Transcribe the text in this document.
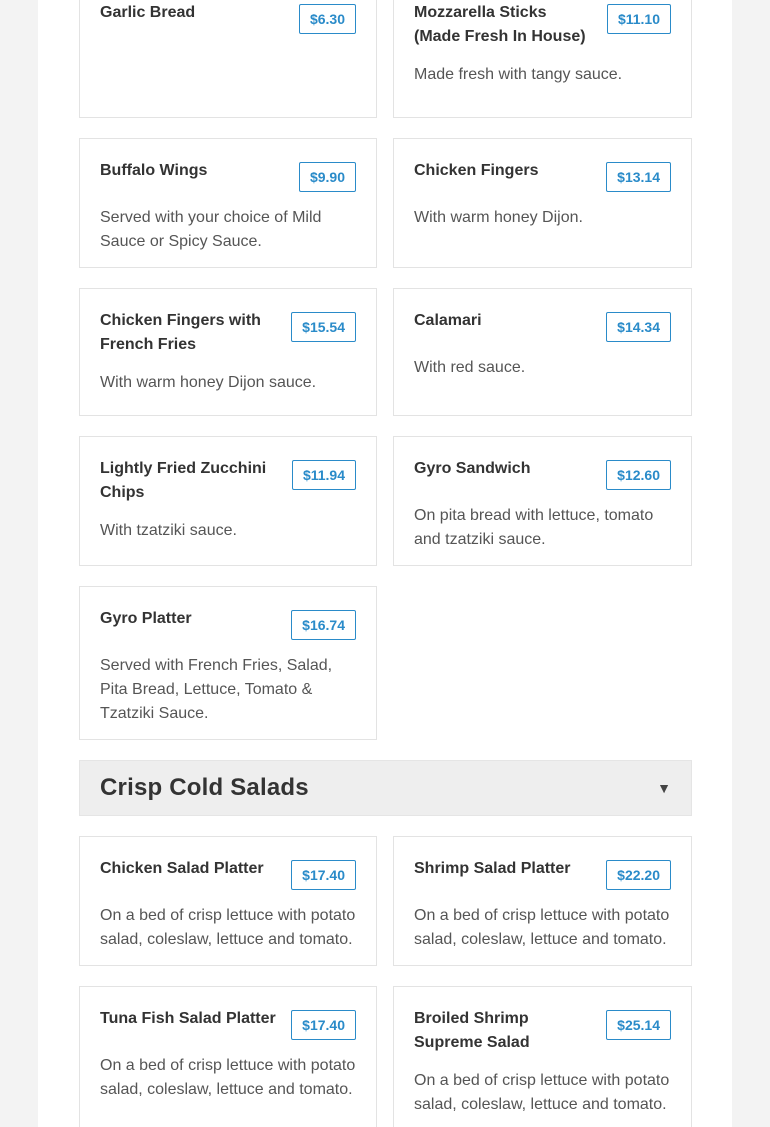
Garlic Bread	$6.30	Mozzarella Sticks (Made Fresh In House)
$11.10
Made fresh with tangy sauce.
Buffalo Wings	$9.90
Served with your choice of Mild Sauce or Spicy Sauce.
Chicken Fingers	$13.14
With warm honey Dijon.
Chicken Fingers with French Fries
$15.54
With warm honey Dijon sauce.
Calamari	$14.34
With red sauce.
Lightly Fried Zucchini Chips
$11.94
With tzatziki sauce.
Gyro Sandwich	$12.60
On pita bread with lettuce, tomato and tzatziki sauce.
Gyro Platter	$16.74
Served with French Fries, Salad, Pita Bread, Lettuce, Tomato & Tzatziki Sauce.
Crisp Cold Salads	▼
Chicken Salad Platter	$17.40
On a bed of crisp lettuce with potato salad, coleslaw, lettuce and tomato.
Shrimp Salad Platter	$22.20
On a bed of crisp lettuce with potato salad, coleslaw, lettuce and tomato.
Tuna Fish Salad Platter	$17.40
On a bed of crisp lettuce with potato salad, coleslaw, lettuce and tomato.
Broiled Shrimp Supreme Salad
$25.14
On a bed of crisp lettuce with potato salad, coleslaw, lettuce and tomato.
